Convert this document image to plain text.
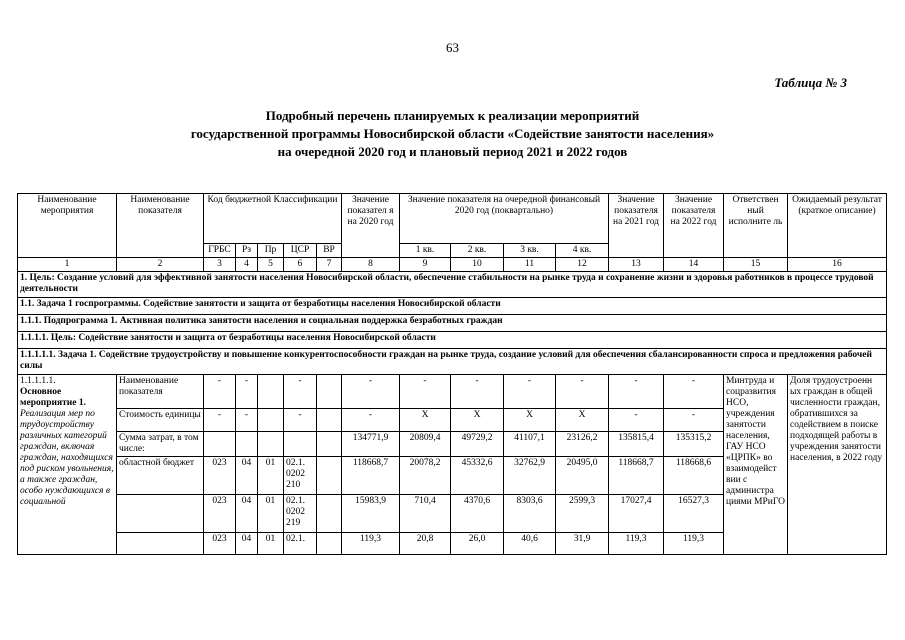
63
Таблица № 3
Подробный перечень планируемых к реализации мероприятий
государственной программы Новосибирской области «Содействие занятости населения»
на очередной 2020 год и плановый период 2021 и 2022 годов
Наименование мероприятия	Наименование показателя	Код бюджетной Классификации					Значение показател я на 2020 год	Значение показателя на очередной финансовый 2020 год (поквартально)				Значение показателя на 2021 год	Значение показателя на 2022 год	Ответствен ный исполните ль	Ожидаемый результат (краткое описание)
		ГРБС	Рз	Пр	ЦСР	ВР		1 кв.	2 кв.	3 кв.	4 кв.				
1	2	3	4	5	6	7	8	9	10	11	12	13	14	15	16
1. Цель: Создание условий для эффективной занятости населения Новосибирской области, обеспечение стабильности на рынке труда и сохранение жизни и здоровья работников в процессе трудовой деятельности															
1.1. Задача 1 госпрограммы. Содействие занятости и защита от безработицы населения Новосибирской области															
1.1.1. Подпрограмма 1. Активная политика занятости населения и социальная поддержка безработных граждан															
1.1.1.1. Цель: Содействие занятости и защита от безработицы населения Новосибирской области															
1.1.1.1.1. Задача 1. Содействие трудоустройству и повышение конкурентоспособности граждан на рынке труда, создание условий для обеспечения сбалансированности спроса и предложения рабочей силы															

1.1.1.1.1.
Основное мероприятие 1.
Реализация мер по трудоустройству различных категорий граждан, включая граждан, находящихся под риском увольнения, а также граждан, особо нуждающихся в социальной	Наименование показателя	-	-		-		-	-	-	-	-	-	-	Минтруда и соцразвития НСО, учреждения занятости населения, ГАУ НСО «ЦРПК» во взаимодейст вии с администра циями МРиГО	Доля трудоустроенн ых граждан в общей численности граждан, обратившихся за содействием в поиске подходящей работы в учреждения занятости населения, в 2022 году
	Стоимость единицы	-	-		-		-	X	X	X	X	-	-		
	Сумма затрат, в том числе:						134771,9	20809,4	49729,2	41107,1	23126,2	135815,4	135315,2		
	областной бюджет	023	04	01	02.1. 0202 210		118668,7	20078,2	45332,6	32762,9	20495,0	118668,7	118668,6		
		023	04	01	02.1. 0202 219		15983,9	710,4	4370,6	8303,6	2599,3	17027,4	16527,3		
		023	04	01	02.1.		119,3	20,8	26,0	40,6	31,9	119,3	119,3		
